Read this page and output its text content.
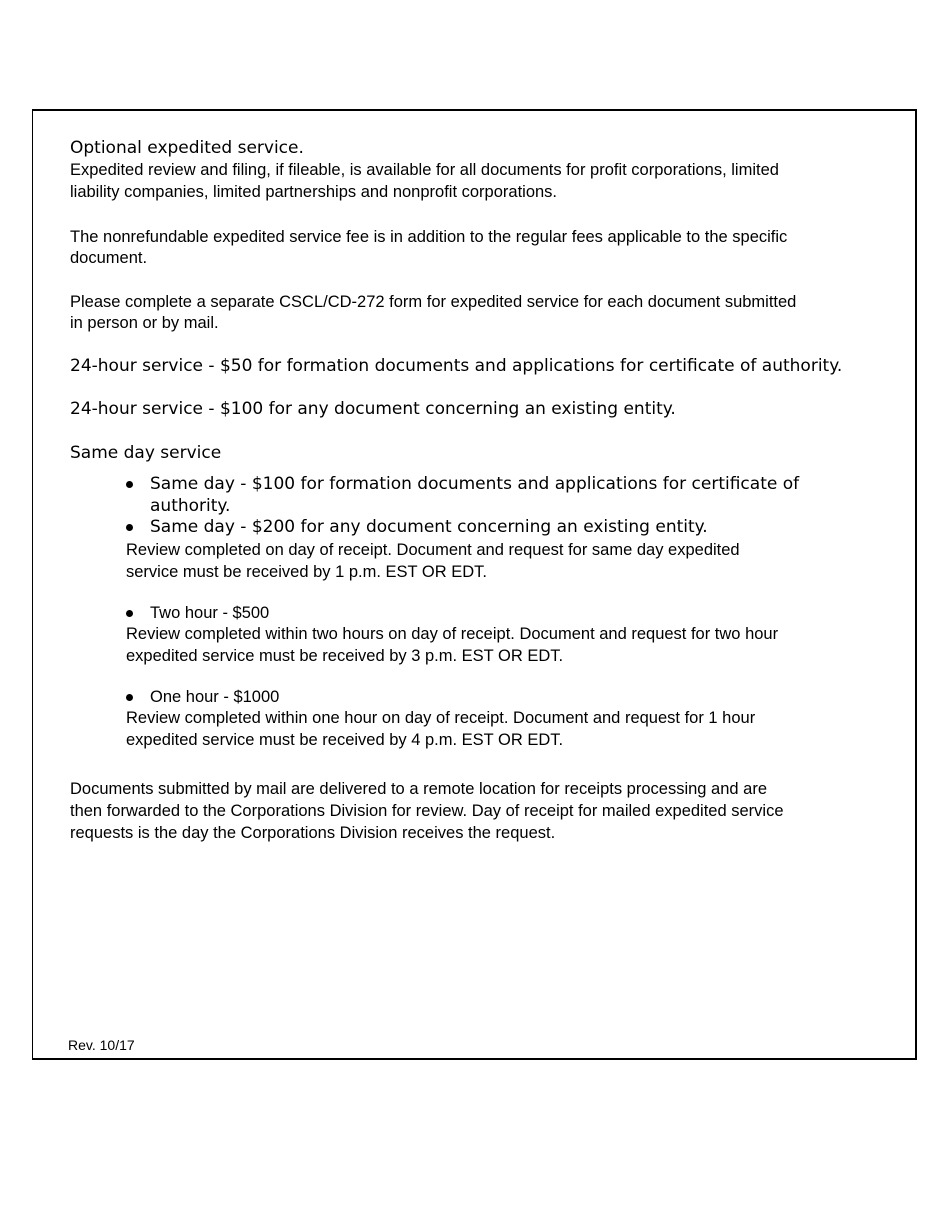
Optional expedited service.

Expedited review and filing, if fileable, is available for all documents for profit corporations, limited

liability companies, limited partnerships and nonprofit corporations.

The nonrefundable expedited service fee is in addition to the regular fees applicable to the specific

document.

Please complete a separate CSCL/CD-272 form for expedited service for each document submitted

in person or by mail.

24-hour service - $50 for formation documents and applications for certificate of authority.

24-hour service - $100 for any document concerning an existing entity.

Same day service

Same day - $100 for formation documents and applications for certificate of
authority.
Same day - $200 for any document concerning an existing entity.

Review completed on day of receipt. Document and request for same day expedited

service must be received by 1 p.m. EST OR EDT.

Two hour - $500

Review completed within two hours on day of receipt. Document and request for two hour

expedited service must be received by 3 p.m. EST OR EDT.

One hour - $1000

Review completed within one hour on day of receipt. Document and request for 1 hour

expedited service must be received by 4 p.m. EST OR EDT.

Documents submitted by mail are delivered to a remote location for receipts processing and are

then forwarded to the Corporations Division for review. Day of receipt for mailed expedited service

requests is the day the Corporations Division receives the request.

Rev. 10/17
